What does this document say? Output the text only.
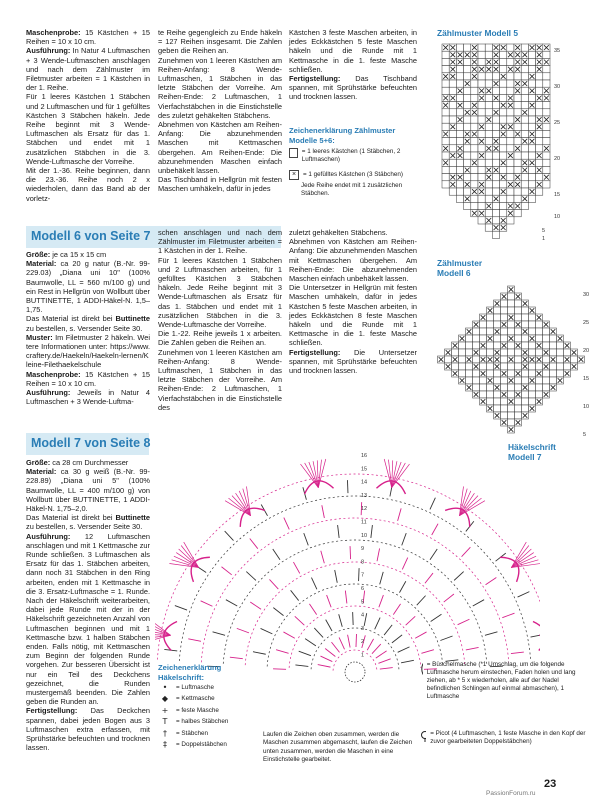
Maschenprobe: 15 Kästchen + 15 Reihen = 10 x 10 cm.

Ausführung: In Natur 4 Luftmaschen + 3 Wende-Luftmaschen anschlagen und nach dem Zählmuster im Filetmuster arbeiten = 1 Kästchen in der 1. Reihe.

Für 1 leeres Kästchen 1 Stäbchen und 2 Luftmaschen und für 1 gefülltes Kästchen 3 Stäbchen häkeln. Jede Reihe beginnt mit 3 Wende-Luftmaschen als Ersatz für das 1. Stäbchen und endet mit 1 zusätzlichen Stäbchen in die 3. Wende-Luftmasche der Vorreihe.

Mit der 1.-36. Reihe beginnen, dann die 23.-36. Reihe noch 2 x wiederholen, dann das Band ab der vorletz-

te Reihe gegengleich zu Ende häkeln = 127 Reihen insgesamt. Die Zahlen geben die Reihen an.

Zunehmen von 1 leeren Kästchen am Reihen-Anfang: 8 Wende-Luftmaschen, 1 Stäbchen in das letzte Stäbchen der Vorreihe. Am Reihen-Ende: 2 Luftmaschen, 1 Vierfachstäbchen in die Einstichstelle des zuletzt gehäkelten Stäbchens.

Abnehmen von Kästchen am Reihen-Anfang: Die abzunehmenden Maschen mit Kettmaschen übergehen. Am Reihen-Ende: Die abzunehmenden Maschen einfach unbehäkelt lassen.

Das Tischband in Hellgrün mit festen Maschen umhäkeln, dafür in jedes

Kästchen 3 feste Maschen arbeiten, in jedes Eckkästchen 5 feste Maschen häkeln und die Runde mit 1 Kettmasche in die 1. feste Masche schließen.

Fertigstellung: Das Tischband spannen, mit Sprühstärke befeuchten und trocknen lassen.

Zeichenerklärung Zählmuster Modelle 5+6:
= 1 leeres Kästchen (1 Stäbchen, 2 Luftmaschen)
×	= 1 gefülltes Kästchen (3 Stäbchen)
Jede Reihe endet mit 1 zusätzlichen Stäbchen.
Zählmuster Modell 5
35
30
25
20
15
10
5
1
Zählmuster Modell 6
30
25
20
15
10
5
Modell 6 von Seite 7

Größe: je ca 15 x 15 cm

Material: ca 20 g natur (B.-Nr. 99-229.03) „Diana uni 10" (100% Baumwolle, LL = 560 m/100 g) und ein Rest in Hellgrün von Wollbutt über BUTTINETTE, 1 ADDI-Häkel-N. 1,5–1,75.

Das Material ist direkt bei Buttinette zu bestellen, s. Versender Seite 30.

Muster: Im Filetmuster 2 häkeln. Weitere Informationen unter: https://www.craftery.de/Haekeln/Haekeln-lernen/Kleine-Filethaekelschule

Maschenprobe: 15 Kästchen + 15 Reihen = 10 x 10 cm.

Ausführung: Jeweils in Natur 4 Luftmaschen + 3 Wende-Luftma-

schen anschlagen und nach dem Zählmuster im Filetmuster arbeiten = 1 Kästchen in der 1. Reihe.

Für 1 leeres Kästchen 1 Stäbchen und 2 Luftmaschen arbeiten, für 1 gefülltes Kästchen 3 Stäbchen häkeln. Jede Reihe beginnt mit 3 Wende-Luftmaschen als Ersatz für das 1. Stäbchen und endet mit 1 zusätzlichen Stäbchen in die 3. Wende-Luftmasche der Vorreihe.

Die 1.-22. Reihe jeweils 1 x arbeiten. Die Zahlen geben die Reihen an.

Zunehmen von 1 leeren Kästchen am Reihen-Anfang: 8 Wende-Luftmaschen, 1 Stäbchen in das letzte Stäbchen der Vorreihe. Am Reihen-Ende: 2 Luftmaschen, 1 Vierfachstäbchen in die Einstichstelle des

zuletzt gehäkelten Stäbchens.

Abnehmen von Kästchen am Reihen-Anfang: Die abzunehmenden Maschen mit Kettmaschen übergehen. Am Reihen-Ende: Die abzunehmenden Maschen einfach unbehäkelt lassen.

Die Untersetzer in Hellgrün mit festen Maschen umhäkeln, dafür in jedes Kästchen 5 feste Maschen arbeiten, in jedes Eckkästchen 8 feste Maschen häkeln und die Runde mit 1 Kettmasche in die 1. feste Masche schließen.

Fertigstellung: Die Untersetzer spannen, mit Sprühstärke befeuchten und trocknen lassen.

Modell 7 von Seite 8

Größe: ca 28 cm Durchmesser

Material: ca 30 g weiß (B.-Nr. 99-228.89) „Diana uni 5" (100% Baumwolle, LL = 400 m/100 g) von Wollbutt über BUTTINETTE, 1 ADDI-Häkel-N. 1,75–2,0.

Das Material ist direkt bei Buttinette zu bestellen, s. Versender Seite 30.

Ausführung: 12 Luftmaschen anschlagen und mit 1 Kettmasche zur Runde schließen. 3 Luftmaschen als Ersatz für das 1. Stäbchen arbeiten, dann noch 31 Stäbchen in den Ring arbeiten, enden mit 1 Kettmasche in die 3. Ersatz-Luftmasche = 1. Runde. Nach der Häkelschrift weiterarbeiten, dabei jede Runde mit der in der Häkelschrift gezeichneten Anzahl von Luftmaschen beginnen und mit 1 Kettmasche bzw. 1 halben Stäbchen enden. Falls nötig, mit Kettmaschen zum Beginn der folgenden Runde vorgehen. Zur besseren Übersicht ist nur ein Teil des Deckchens gezeichnet, die Runden mustergemäß beenden. Die Zahlen geben die Runden an.

Fertigstellung: Das Deckchen spannen, dabei jeden Bogen aus 3 Luftmaschen extra erfassen, mit Sprühstärke befeuchten und trocknen lassen.

16
15
14
13
12
11
10
9
8
7
6
5
4
3
2
1
Häkelschrift Modell 7
Zeichenerklärung Häkelschrift:
•	= Luftmasche
◆	= Kettmasche
+	= feste Masche
T	= halbes Stäbchen
†	= Stäbchen
‡	= Doppelstäbchen
Laufen die Zeichen oben zusammen, werden die Maschen zusammen abgemascht, laufen die Zeichen unten zusammen, werden die Maschen in eine Einstichstelle gearbeitet.
= Büschelmasche (*1 Umschlag, um die folgende Luftmasche herum einstechen, Faden holen und lang ziehen, ab * 5 x wiederholen, alle auf der Nadel befindlichen Schlingen auf einmal abmaschen), 1 Luftmasche
= Picot (4 Luftmaschen, 1 feste Masche in den Kopf der zuvor gearbeiteten Doppelstäbchen)
23
PassionForum.ru
